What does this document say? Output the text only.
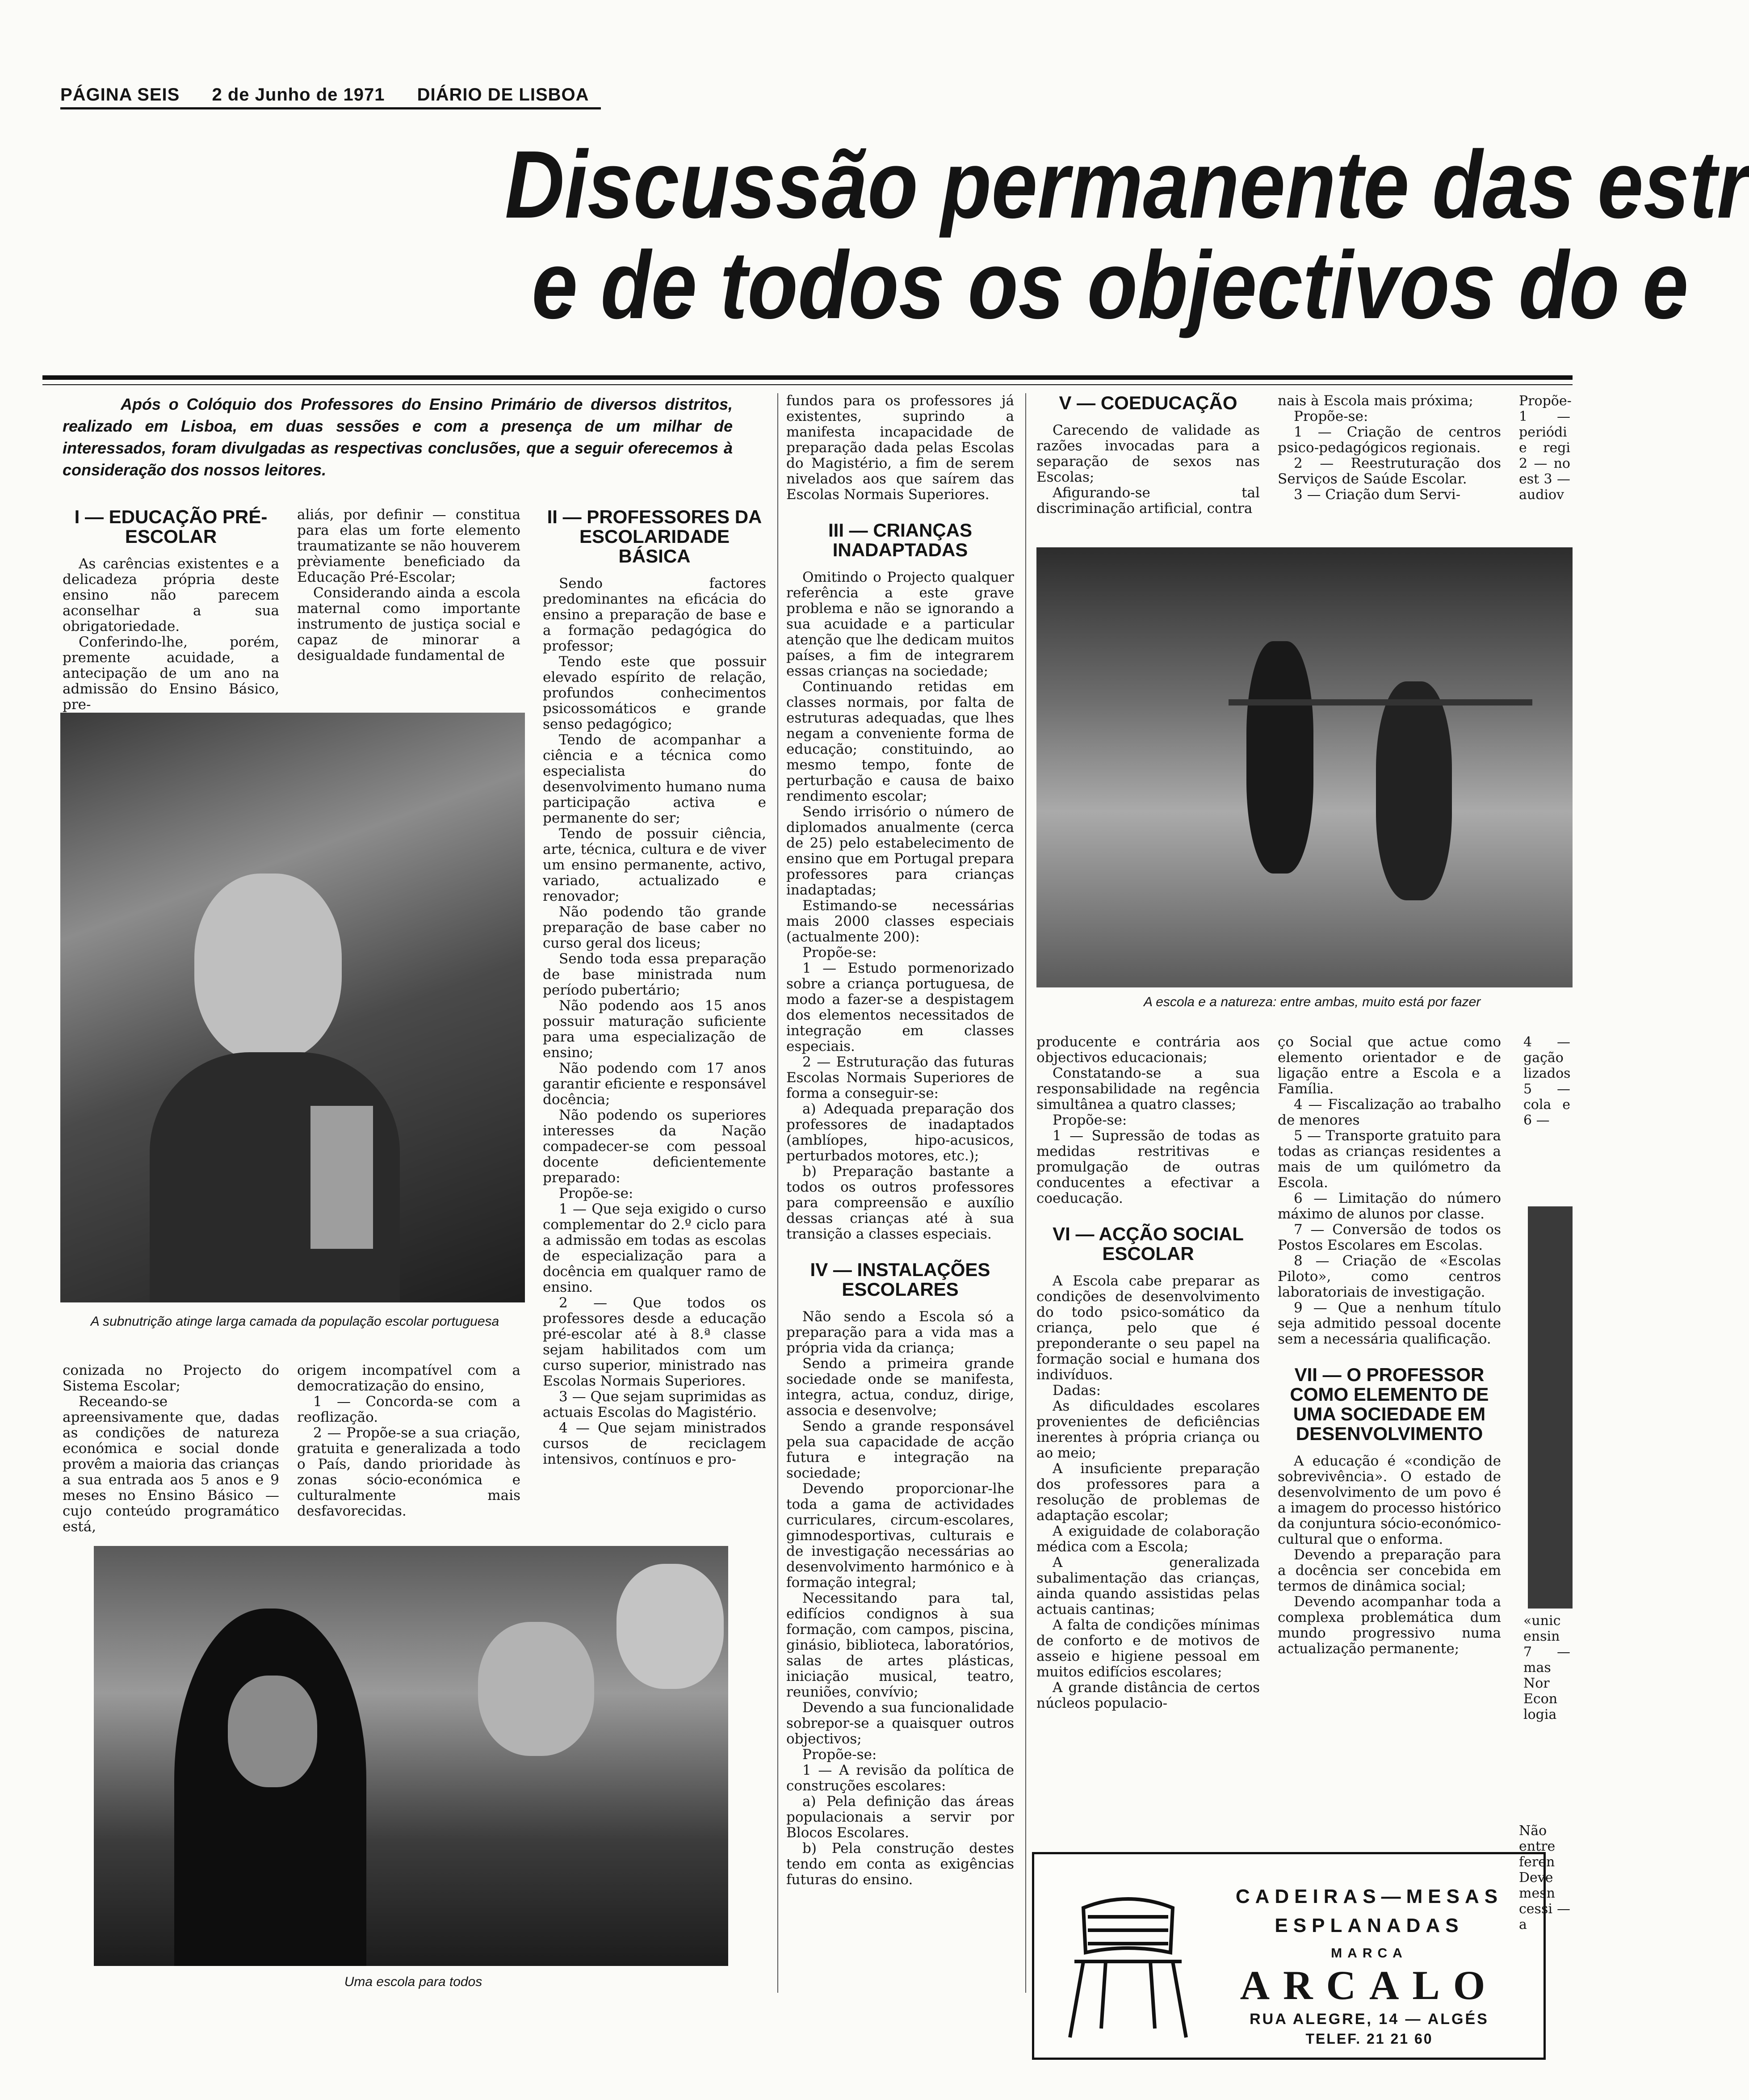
PÁGINA SEIS 2 de Junho de 1971 DIÁRIO DE LISBOA
Discussão permanente das estr
e de todos os objectivos do e
Após o Colóquio dos Professores do Ensino Primário de diversos distritos, realizado em Lisboa, em duas sessões e com a presença de um milhar de interessados, foram divulgadas as respectivas conclusões, que a seguir oferecemos à consideração dos nossos leitores.
I — EDUCAÇÃO PRÉ-ESCOLAR

As carências existentes e a delicadeza própria deste ensino não parecem aconselhar a sua obrigatoriedade.

Conferindo-lhe, porém, premente acuidade, a antecipação de um ano na admissão do Ensino Básico, pre-

aliás, por definir — constitua para elas um forte elemento traumatizante se não houverem prèviamente beneficiado da Educação Pré-Escolar;

Considerando ainda a escola maternal como importante instrumento de justiça social e capaz de minorar a desigualdade fundamental de

A subnutrição atinge larga camada da população escolar portuguesa

conizada no Projecto do Sistema Escolar;

Receando-se apreensivamente que, dadas as condições de natureza económica e social donde provêm a maioria das crianças a sua entrada aos 5 anos e 9 meses no Ensino Básico — cujo conteúdo programático está,

origem incompatível com a democratização do ensino,

1 — Concorda-se com a reoflização.

2 — Propõe-se a sua criação, gratuita e generalizada a todo o País, dando prioridade às zonas sócio-económica e culturalmente mais desfavorecidas.

Uma escola para todos
II — PROFESSORES DA ESCOLARIDADE BÁSICA

Sendo factores predominantes na eficácia do ensino a preparação de base e a formação pedagógica do professor;

Tendo este que possuir elevado espírito de relação, profundos conhecimentos psicossomáticos e grande senso pedagógico;

Tendo de acompanhar a ciência e a técnica como especialista do desenvolvimento humano numa participação activa e permanente do ser;

Tendo de possuir ciência, arte, técnica, cultura e de viver um ensino permanente, activo, variado, actualizado e renovador;

Não podendo tão grande preparação de base caber no curso geral dos liceus;

Sendo toda essa preparação de base ministrada num período pubertário;

Não podendo aos 15 anos possuir maturação suficiente para uma especialização de ensino;

Não podendo com 17 anos garantir eficiente e responsável docência;

Não podendo os superiores interesses da Nação compadecer-se com pessoal docente deficientemente preparado:

Propõe-se:

1 — Que seja exigido o curso complementar do 2.º ciclo para a admissão em todas as escolas de especialização para a docência em qualquer ramo de ensino.

2 — Que todos os professores desde a educação pré-escolar até à 8.ª classe sejam habilitados com um curso superior, ministrado nas Escolas Normais Superiores.

3 — Que sejam suprimidas as actuais Escolas do Magistério.

4 — Que sejam ministrados cursos de reciclagem intensivos, contínuos e pro-

fundos para os professores já existentes, suprindo a manifesta incapacidade de preparação dada pelas Escolas do Magistério, a fim de serem nivelados aos que saírem das Escolas Normais Superiores.

III — CRIANÇAS INADAPTADAS

Omitindo o Projecto qualquer referência a este grave problema e não se ignorando a sua acuidade e a particular atenção que lhe dedicam muitos países, a fim de integrarem essas crianças na sociedade;

Continuando retidas em classes normais, por falta de estruturas adequadas, que lhes negam a conveniente forma de educação; constituindo, ao mesmo tempo, fonte de perturbação e causa de baixo rendimento escolar;

Sendo irrisório o número de diplomados anualmente (cerca de 25) pelo estabelecimento de ensino que em Portugal prepara professores para crianças inadaptadas;

Estimando-se necessárias mais 2000 classes especiais (actualmente 200):

Propõe-se:

1 — Estudo pormenorizado sobre a criança portuguesa, de modo a fazer-se a despistagem dos elementos necessitados de integração em classes especiais.

2 — Estruturação das futuras Escolas Normais Superiores de forma a conseguir-se:

a) Adequada preparação dos professores de inadaptados (amblíopes, hipo-acusicos, perturbados motores, etc.);

b) Preparação bastante a todos os outros professores para compreensão e auxílio dessas crianças até à sua transição a classes especiais.

IV — INSTALAÇÕES ESCOLARES

Não sendo a Escola só a preparação para a vida mas a própria vida da criança;

Sendo a primeira grande sociedade onde se manifesta, integra, actua, conduz, dirige, associa e desenvolve;

Sendo a grande responsável pela sua capacidade de acção futura e integração na sociedade;

Devendo proporcionar-lhe toda a gama de actividades curriculares, circum-escolares, gimnodesportivas, culturais e de investigação necessárias ao desenvolvimento harmónico e à formação integral;

Necessitando para tal, edifícios condignos à sua formação, com campos, piscina, ginásio, biblioteca, laboratórios, salas de artes plásticas, iniciação musical, teatro, reuniões, convívio;

Devendo a sua funcionalidade sobrepor-se a quaisquer outros objectivos;

Propõe-se:

1 — A revisão da política de construções escolares:

a) Pela definição das áreas populacionais a servir por Blocos Escolares.

b) Pela construção destes tendo em conta as exigências futuras do ensino.

V — COEDUCAÇÃO

Carecendo de validade as razões invocadas para a separação de sexos nas Escolas;

Afigurando-se tal discriminação artificial, contra

nais à Escola mais próxima;

Propõe-se:

1 — Criação de centros psico-pedagógicos regionais.

2 — Reestruturação dos Serviços de Saúde Escolar.

3 — Criação dum Servi-

Propõe- 1 — periódi e regi 2 — no est 3 — audiov

A escola e a natureza: entre ambas, muito está por fazer

producente e contrária aos objectivos educacionais;

Constatando-se a sua responsabilidade na regência simultânea a quatro classes;

Propõe-se:

1 — Supressão de todas as medidas restritivas e promulgação de outras conducentes a efectivar a coeducação.

VI — ACÇÃO SOCIAL ESCOLAR

A Escola cabe preparar as condições de desenvolvimento do todo psico-somático da criança, pelo que é preponderante o seu papel na formação social e humana dos indivíduos.

Dadas:

As dificuldades escolares provenientes de deficiências inerentes à própria criança ou ao meio;

A insuficiente preparação dos professores para a resolução de problemas de adaptação escolar;

A exiguidade de colaboração médica com a Escola;

A generalizada subalimentação das crianças, ainda quando assistidas pelas actuais cantinas;

A falta de condições mínimas de conforto e de motivos de asseio e higiene pessoal em muitos edifícios escolares;

A grande distância de certos núcleos populacio-

ço Social que actue como elemento orientador e de ligação entre a Escola e a Família.

4 — Fiscalização ao trabalho de menores

5 — Transporte gratuito para todas as crianças residentes a mais de um quilómetro da Escola.

6 — Limitação do número máximo de alunos por classe.

7 — Conversão de todos os Postos Escolares em Escolas.

8 — Criação de «Escolas Piloto», como centros laboratoriais de investigação.

9 — Que a nenhum título seja admitido pessoal docente sem a necessária qualificação.

VII — O PROFESSOR COMO ELEMENTO DE UMA SOCIEDADE EM DESENVOLVIMENTO

A educação é «condição de sobrevivência». O estado de desenvolvimento de um povo é a imagem do processo histórico da conjuntura sócio-económico-cultural que o enforma.

Devendo a preparação para a docência ser concebida em termos de dinâmica social;

Devendo acompanhar toda a complexa problemática dum mundo progressivo numa actualização permanente;

4 — gação lizados 5 — cola e 6 —

«unic ensin 7 — mas Nor Econ logia

CADEIRAS—MESAS
ESPLANADAS
MARCA
ARCALO
RUA ALEGRE, 14 — ALGÉS
TELEF. 21 21 60

Não entre feren Deve mesn cessi — a
